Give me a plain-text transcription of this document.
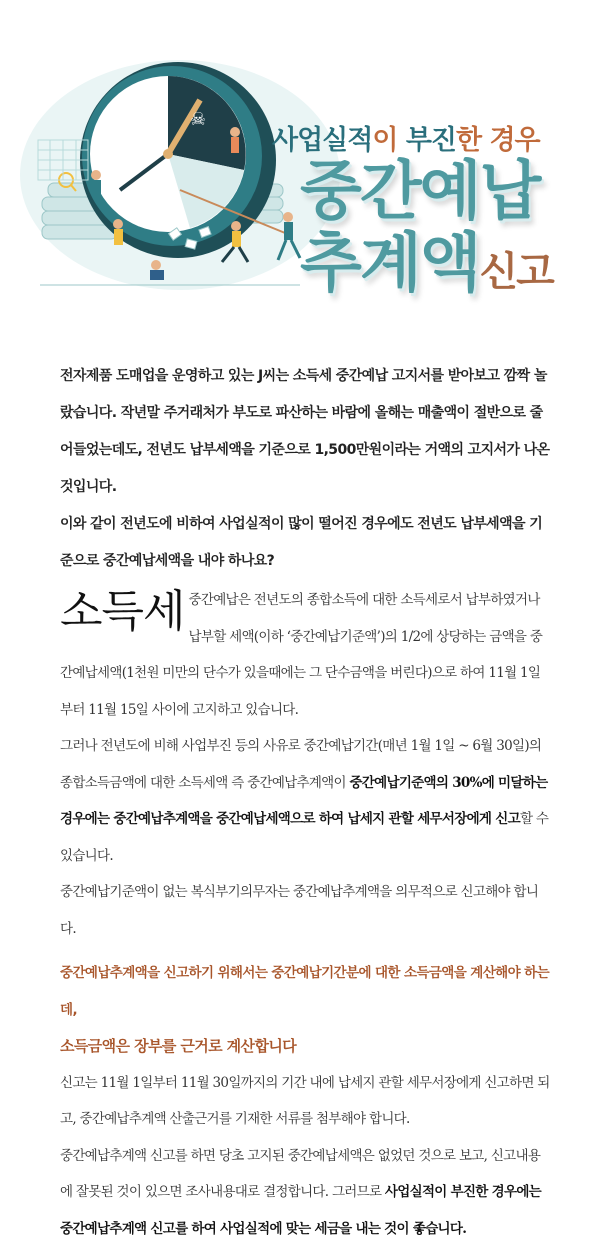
☠
사업실적이 부진한 경우
중간예납
추계액신고

전자제품 도매업을 운영하고 있는 J씨는 소득세 중간예납 고지서를 받아보고 깜짝 놀랐습니다. 작년말 주거래처가 부도로 파산하는 바람에 올해는 매출액이 절반으로 줄어들었는데도, 전년도 납부세액을 기준으로 1,500만원이라는 거액의 고지서가 나온 것입니다.

이와 같이 전년도에 비하여 사업실적이 많이 떨어진 경우에도 전년도 납부세액을 기준으로 중간예납세액을 내야 하나요?

소득세 중간예납은 전년도의 종합소득에 대한 소득세로서 납부하였거나 납부할 세액(이하 ‘중간예납기준액’)의 1/2에 상당하는 금액을 중간예납세액(1천원 미만의 단수가 있을때에는 그 단수금액을 버린다)으로 하여 11월 1일부터 11월 15일 사이에 고지하고 있습니다.

그러나 전년도에 비해 사업부진 등의 사유로 중간예납기간(매년 1월 1일 ~ 6월 30일)의 종합소득금액에 대한 소득세액 즉 중간예납추계액이 중간예납기준액의 30%에 미달하는 경우에는 중간예납추계액을 중간예납세액으로 하여 납세지 관할 세무서장에게 신고할 수 있습니다.

중간예납기준액이 없는 복식부기의무자는 중간예납추계액을 의무적으로 신고해야 합니다.

중간예납추계액을 신고하기 위해서는 중간예납기간분에 대한 소득금액을 계산해야 하는데,

소득금액은 장부를 근거로 계산합니다

신고는 11월 1일부터 11월 30일까지의 기간 내에 납세지 관할 세무서장에게 신고하면 되고, 중간예납추계액 산출근거를 기재한 서류를 첨부해야 합니다.

중간예납추계액 신고를 하면 당초 고지된 중간예납세액은 없었던 것으로 보고, 신고내용에 잘못된 것이 있으면 조사내용대로 결정합니다. 그러므로 사업실적이 부진한 경우에는 중간예납추계액 신고를 하여 사업실적에 맞는 세금을 내는 것이 좋습니다.
